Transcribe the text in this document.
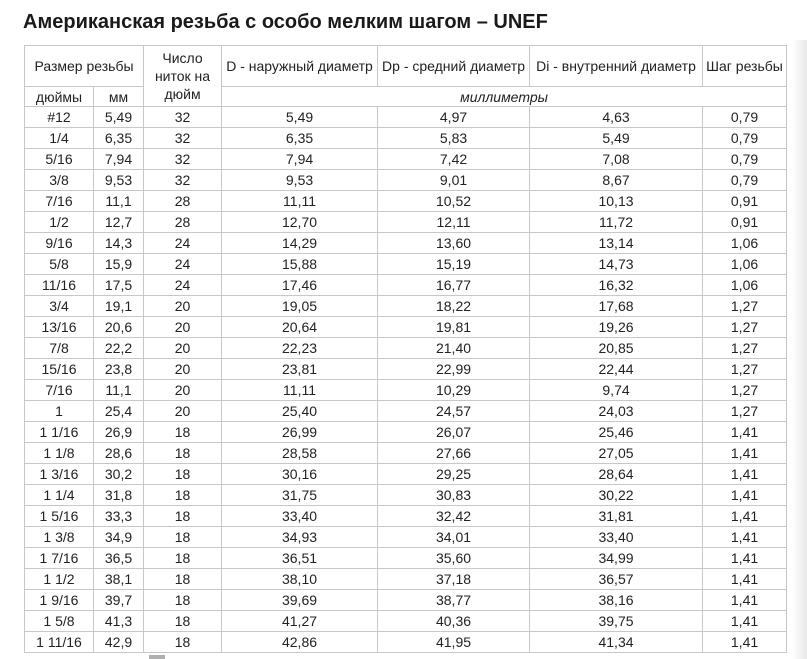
Американская резьба с особо мелким шагом – UNEF
Размер резьбы		Число ниток на дюйм	D - наружный диаметр	Dp - средний диаметр	Di - внутренний диаметр	Шаг резьбы
дюймы	мм		миллиметры			
#12	5,49	32	5,49	4,97	4,63	0,79
1/4	6,35	32	6,35	5,83	5,49	0,79
5/16	7,94	32	7,94	7,42	7,08	0,79
3/8	9,53	32	9,53	9,01	8,67	0,79
7/16	11,1	28	11,11	10,52	10,13	0,91
1/2	12,7	28	12,70	12,11	11,72	0,91
9/16	14,3	24	14,29	13,60	13,14	1,06
5/8	15,9	24	15,88	15,19	14,73	1,06
11/16	17,5	24	17,46	16,77	16,32	1,06
3/4	19,1	20	19,05	18,22	17,68	1,27
13/16	20,6	20	20,64	19,81	19,26	1,27
7/8	22,2	20	22,23	21,40	20,85	1,27
15/16	23,8	20	23,81	22,99	22,44	1,27
7/16	11,1	20	11,11	10,29	9,74	1,27
1	25,4	20	25,40	24,57	24,03	1,27
1 1/16	26,9	18	26,99	26,07	25,46	1,41
1 1/8	28,6	18	28,58	27,66	27,05	1,41
1 3/16	30,2	18	30,16	29,25	28,64	1,41
1 1/4	31,8	18	31,75	30,83	30,22	1,41
1 5/16	33,3	18	33,40	32,42	31,81	1,41
1 3/8	34,9	18	34,93	34,01	33,40	1,41
1 7/16	36,5	18	36,51	35,60	34,99	1,41
1 1/2	38,1	18	38,10	37,18	36,57	1,41
1 9/16	39,7	18	39,69	38,77	38,16	1,41
1 5/8	41,3	18	41,27	40,36	39,75	1,41
1 11/16	42,9	18	42,86	41,95	41,34	1,41
